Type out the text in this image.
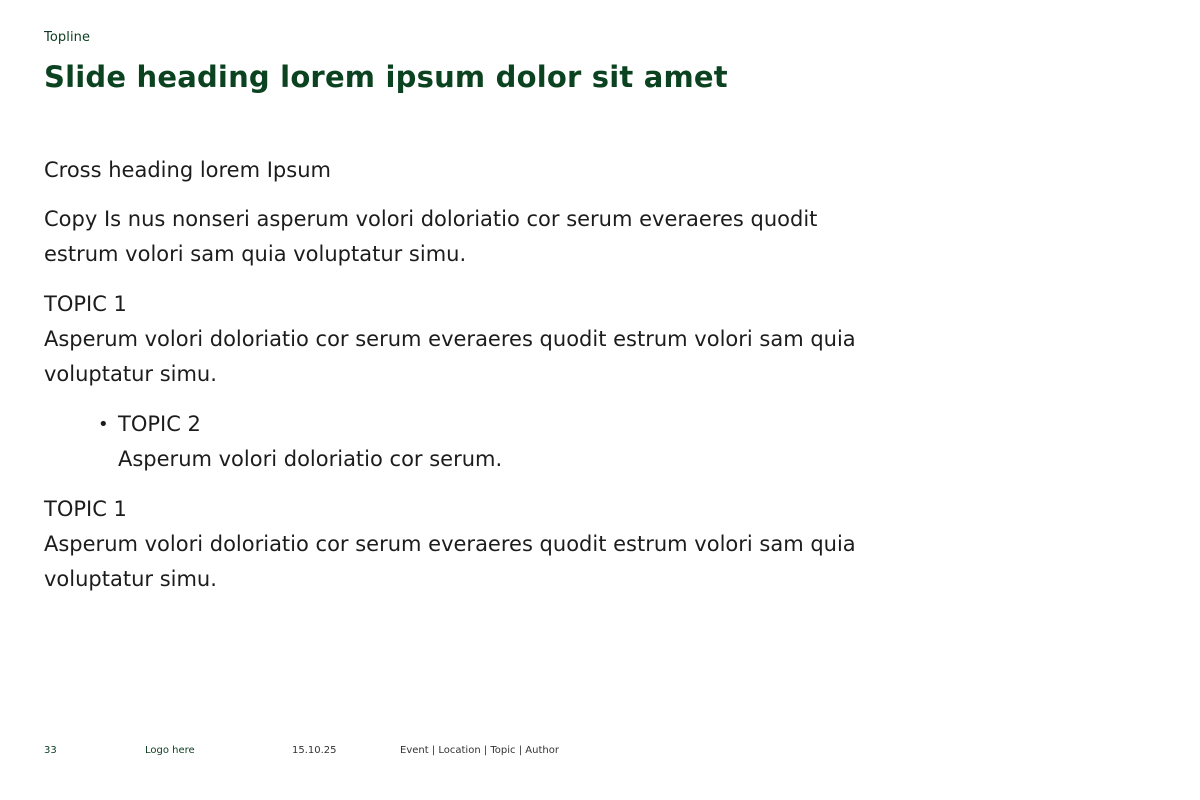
Topline
Slide heading lorem ipsum dolor sit amet

Cross heading lorem Ipsum

Copy Is nus nonseri asperum volori doloriatio cor serum everaeres quodit estrum volori sam quia voluptatur simu.

TOPIC 1

Asperum volori doloriatio cor serum everaeres quodit estrum volori sam quia voluptatur simu.

• TOPIC 2

Asperum volori doloriatio cor serum.

TOPIC 1

Asperum volori doloriatio cor serum everaeres quodit estrum volori sam quia voluptatur simu.

33	Logo here	15.10.25	Event | Location | Topic | Author
